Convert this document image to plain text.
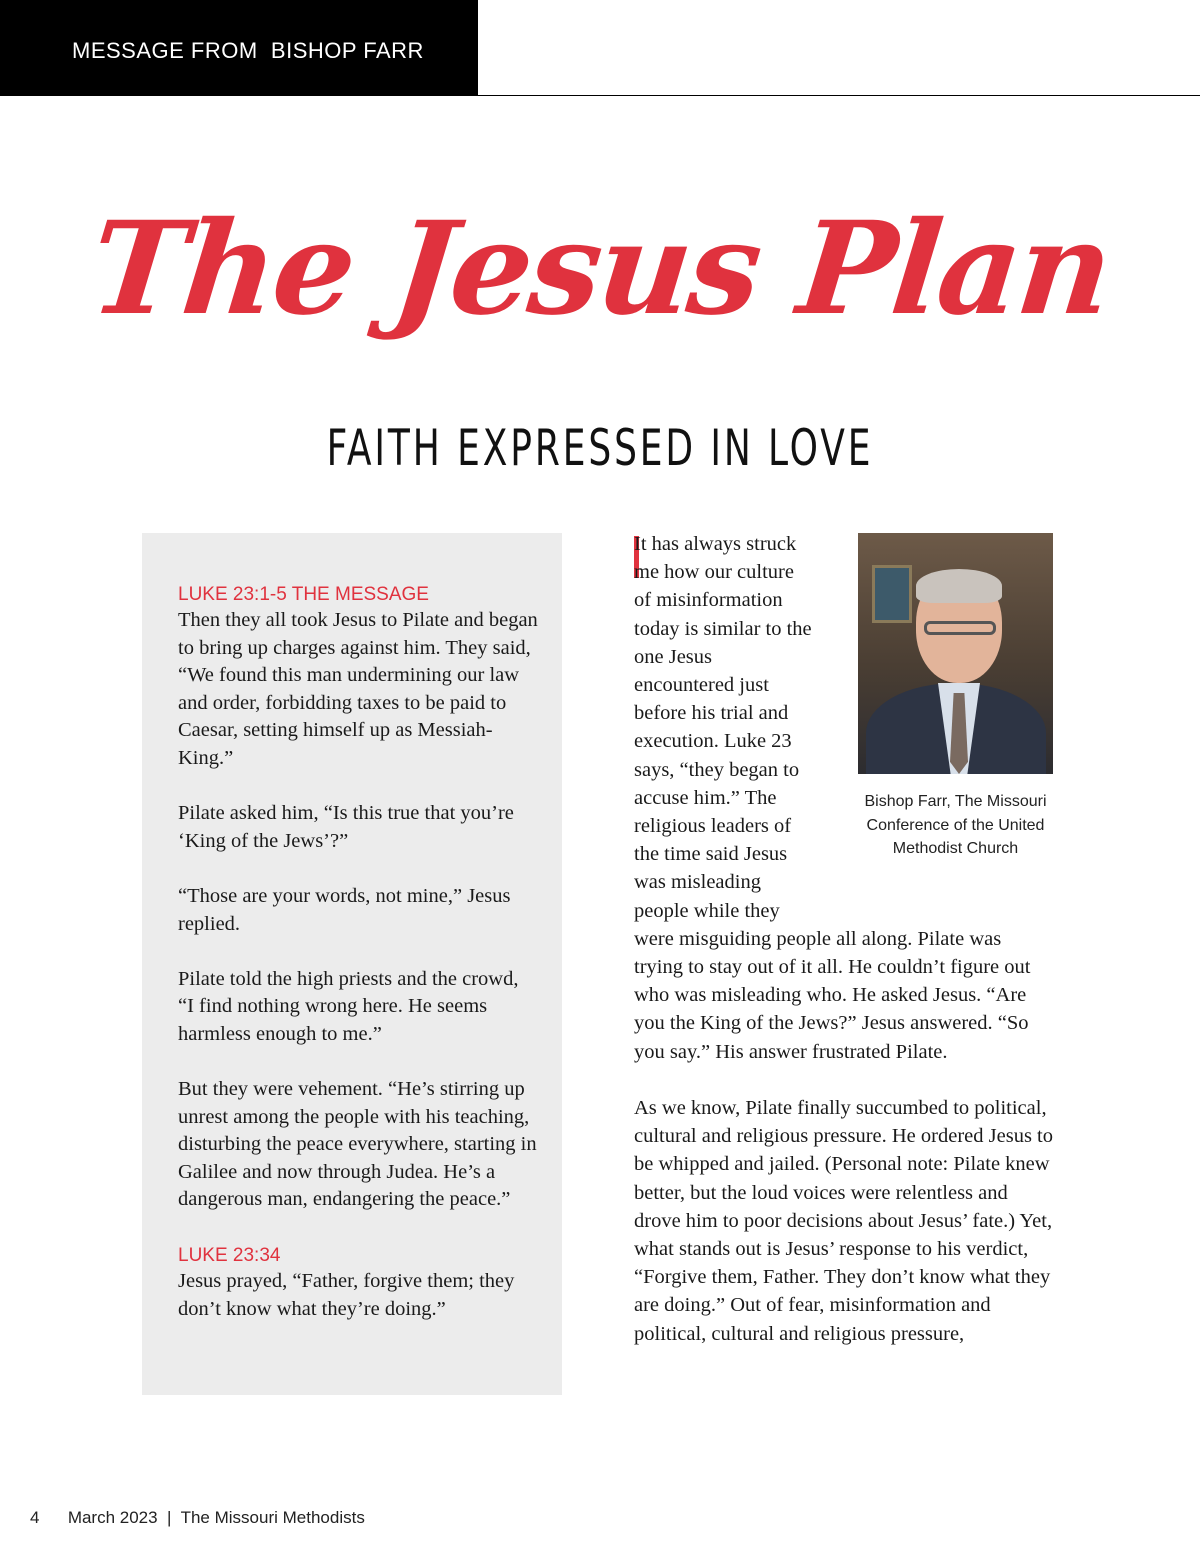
MESSAGE FROM  BISHOP FARR
The Jesus Plan
FAITH EXPRESSED IN LOVE
LUKE 23:1-5 THE MESSAGE

Then they all took Jesus to Pilate and began to bring up charges against him. They said, “We found this man undermining our law and order, forbidding taxes to be paid to Caesar, setting himself up as Messiah-King.”

Pilate asked him, “Is this true that you’re ‘King of the Jews’?”

“Those are your words, not mine,” Jesus replied.

Pilate told the high priests and the crowd, “I find nothing wrong here. He seems harmless enough to me.”

But they were vehement. “He’s stirring up unrest among the people with his teaching, disturbing the peace everywhere, starting in Galilee and now through Judea. He’s a dangerous man, endangering the peace.”

LUKE 23:34

Jesus prayed, “Father, forgive them; they don’t know what they’re doing.”

It has always struck me how our culture of misinformation today is similar to the one Jesus encountered just before his trial and execution. Luke 23 says, “they began to accuse him.” The religious leaders of the time said Jesus was misleading people while they

were misguiding people all along. Pilate was trying to stay out of it all. He couldn’t figure out who was misleading who. He asked Jesus. “Are you the King of the Jews?” Jesus answered. “So you say.” His answer frustrated Pilate.

As we know, Pilate finally succumbed to political, cultural and religious pressure. He ordered Jesus to be whipped and jailed. (Personal note: Pilate knew better, but the loud voices were relentless and drove him to poor decisions about Jesus’ fate.) Yet, what stands out is Jesus’ response to his verdict, “Forgive them, Father. They don’t know what they are doing.” Out of fear, misinformation and political, cultural and religious pressure,

Bishop Farr, The Missouri Conference of the United Methodist Church
4 March 2023  |  The Missouri Methodists
